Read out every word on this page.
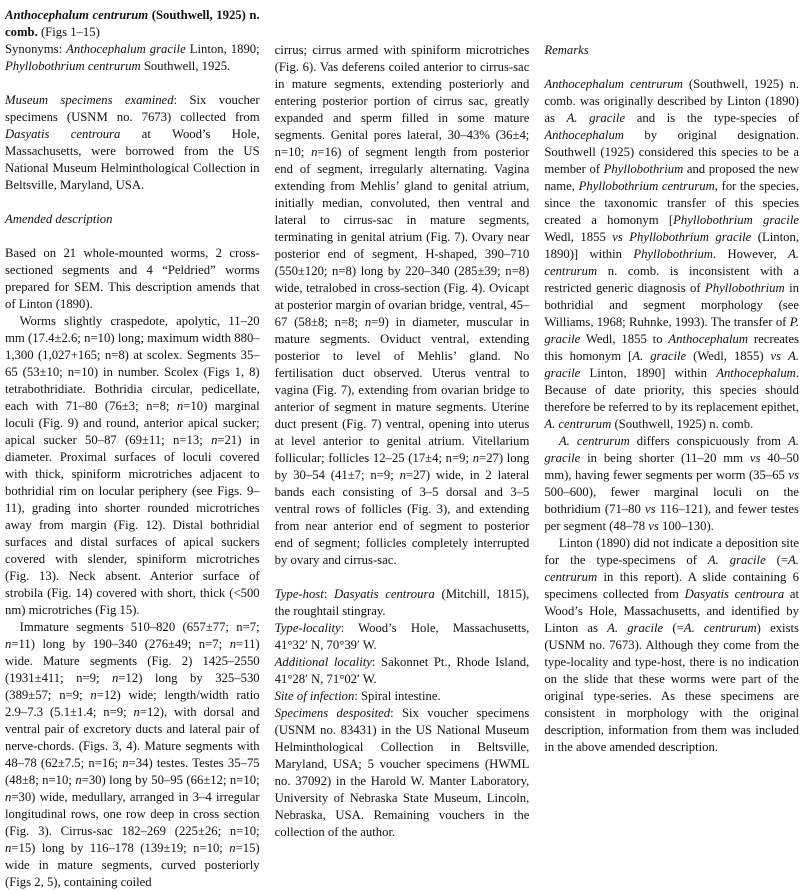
Anthocephalum centrurum (Southwell, 1925) n. comb. (Figs 1–15)

Synonyms: Anthocephalum gracile Linton, 1890; Phyllobothrium centrurum Southwell, 1925.

Museum specimens examined: Six voucher specimens (USNM no. 7673) collected from Dasyatis centroura at Wood’s Hole, Massachusetts, were borrowed from the US National Museum Helminthological Collection in Beltsville, Maryland, USA.

Amended description

Based on 21 whole-mounted worms, 2 cross-sectioned segments and 4 “Peldried” worms prepared for SEM. This description amends that of Linton (1890).

Worms slightly craspedote, apolytic, 11–20 mm (17.4±2.6; n=10) long; maximum width 880–1,300 (1,027+165; n=8) at scolex. Segments 35–65 (53±10; n=10) in number. Scolex (Figs 1, 8) tetrabothridiate. Bothridia circular, pedicellate, each with 71–80 (76±3; n=8; n=10) marginal loculi (Fig. 9) and round, anterior apical sucker; apical sucker 50–87 (69±11; n=13; n=21) in diameter. Proximal surfaces of loculi covered with thick, spiniform microtriches adjacent to bothridial rim on locular periphery (see Figs. 9–11), grading into shorter rounded microtriches away from margin (Fig. 12). Distal bothridial surfaces and distal surfaces of apical suckers covered with slender, spiniform microtriches (Fig. 13). Neck absent. Anterior surface of strobila (Fig. 14) covered with short, thick (<500 nm) microtriches (Fig 15).

Immature segments 510–820 (657±77; n=7; n=11) long by 190–340 (276±49; n=7; n=11) wide. Mature segments (Fig. 2) 1425–2550 (1931±411; n=9; n=12) long by 325–530 (389±57; n=9; n=12) wide; length/width ratio 2.9–7.3 (5.1±1.4; n=9; n=12), with dorsal and ventral pair of excretory ducts and lateral pair of nerve-chords. (Figs. 3, 4). Mature segments with 48–78 (62±7.5; n=16; n=34) testes. Testes 35–75 (48±8; n=10; n=30) long by 50–95 (66±12; n=10; n=30) wide, medullary, arranged in 3–4 irregular longitudinal rows, one row deep in cross section (Fig. 3). Cirrus-sac 182–269 (225±26; n=10; n=15) long by 116–178 (139±19; n=10; n=15) wide in mature segments, curved posteriorly (Figs 2, 5), containing coiled

cirrus; cirrus armed with spiniform microtriches (Fig. 6). Vas deferens coiled anterior to cirrus-sac in mature segments, extending posteriorly and entering posterior portion of cirrus sac, greatly expanded and sperm filled in some mature segments. Genital pores lateral, 30–43% (36±4; n=10; n=16) of segment length from posterior end of segment, irregularly alternating. Vagina extending from Mehlis’ gland to genital atrium, initially median, convoluted, then ventral and lateral to cirrus-sac in mature segments, terminating in genital atrium (Fig. 7). Ovary near posterior end of segment, H-shaped, 390–710 (550±120; n=8) long by 220–340 (285±39; n=8) wide, tetralobed in cross-section (Fig. 4). Ovicapt at posterior margin of ovarian bridge, ventral, 45–67 (58±8; n=8; n=9) in diameter, muscular in mature segments. Oviduct ventral, extending posterior to level of Mehlis’ gland. No fertilisation duct observed. Uterus ventral to vagina (Fig. 7), extending from ovarian bridge to anterior of segment in mature segments. Uterine duct present (Fig. 7) ventral, opening into uterus at level anterior to genital atrium. Vitellarium follicular; follicles 12–25 (17±4; n=9; n=27) long by 30–54 (41±7; n=9; n=27) wide, in 2 lateral bands each consisting of 3–5 dorsal and 3–5 ventral rows of follicles (Fig. 3), and extending from near anterior end of segment to posterior end of segment; follicles completely interrupted by ovary and cirrus-sac.

Type-host: Dasyatis centroura (Mitchill, 1815), the roughtail stingray.

Type-locality: Wood’s Hole, Massachusetts, 41°32′ N, 70°39′ W.

Additional locality: Sakonnet Pt., Rhode Island, 41°28′ N, 71°02′ W.

Site of infection: Spiral intestine.

Specimens desposited: Six voucher specimens (USNM no. 83431) in the US National Museum Helminthological Collection in Beltsville, Maryland, USA; 5 voucher specimens (HWML no. 37092) in the Harold W. Manter Laboratory, University of Nebraska State Museum, Lincoln, Nebraska, USA. Remaining vouchers in the collection of the author.

Remarks

Anthocephalum centrurum (Southwell, 1925) n. comb. was originally described by Linton (1890) as A. gracile and is the type-species of Anthocephalum by original designation. Southwell (1925) considered this species to be a member of Phyllobothrium and proposed the new name, Phyllobothrium centrurum, for the species, since the taxonomic transfer of this species created a homonym [Phyllobothrium gracile Wedl, 1855 vs Phyllobothrium gracile (Linton, 1890)] within Phyllobothrium. However, A. centrurum n. comb. is inconsistent with a restricted generic diagnosis of Phyllobothrium in bothridial and segment morphology (see Williams, 1968; Ruhnke, 1993). The transfer of P. gracile Wedl, 1855 to Anthocephalum recreates this homonym [A. gracile (Wedl, 1855) vs A. gracile Linton, 1890] within Anthocephalum. Because of date priority, this species should therefore be referred to by its replacement epithet, A. centrurum (Southwell, 1925) n. comb.

A. centrurum differs conspicuously from A. gracile in being shorter (11–20 mm vs 40–50 mm), having fewer segments per worm (35–65 vs 500–600), fewer marginal loculi on the bothridium (71–80 vs 116–121), and fewer testes per segment (48–78 vs 100–130).

Linton (1890) did not indicate a deposition site for the type-specimens of A. gracile (=A. centrurum in this report). A slide containing 6 specimens collected from Dasyatis centroura at Wood’s Hole, Massachusetts, and identified by Linton as A. gracile (=A. centrurum) exists (USNM no. 7673). Although they come from the type-locality and type-host, there is no indication on the slide that these worms were part of the original type-series. As these specimens are consistent in morphology with the original description, information from them was included in the above amended description.
